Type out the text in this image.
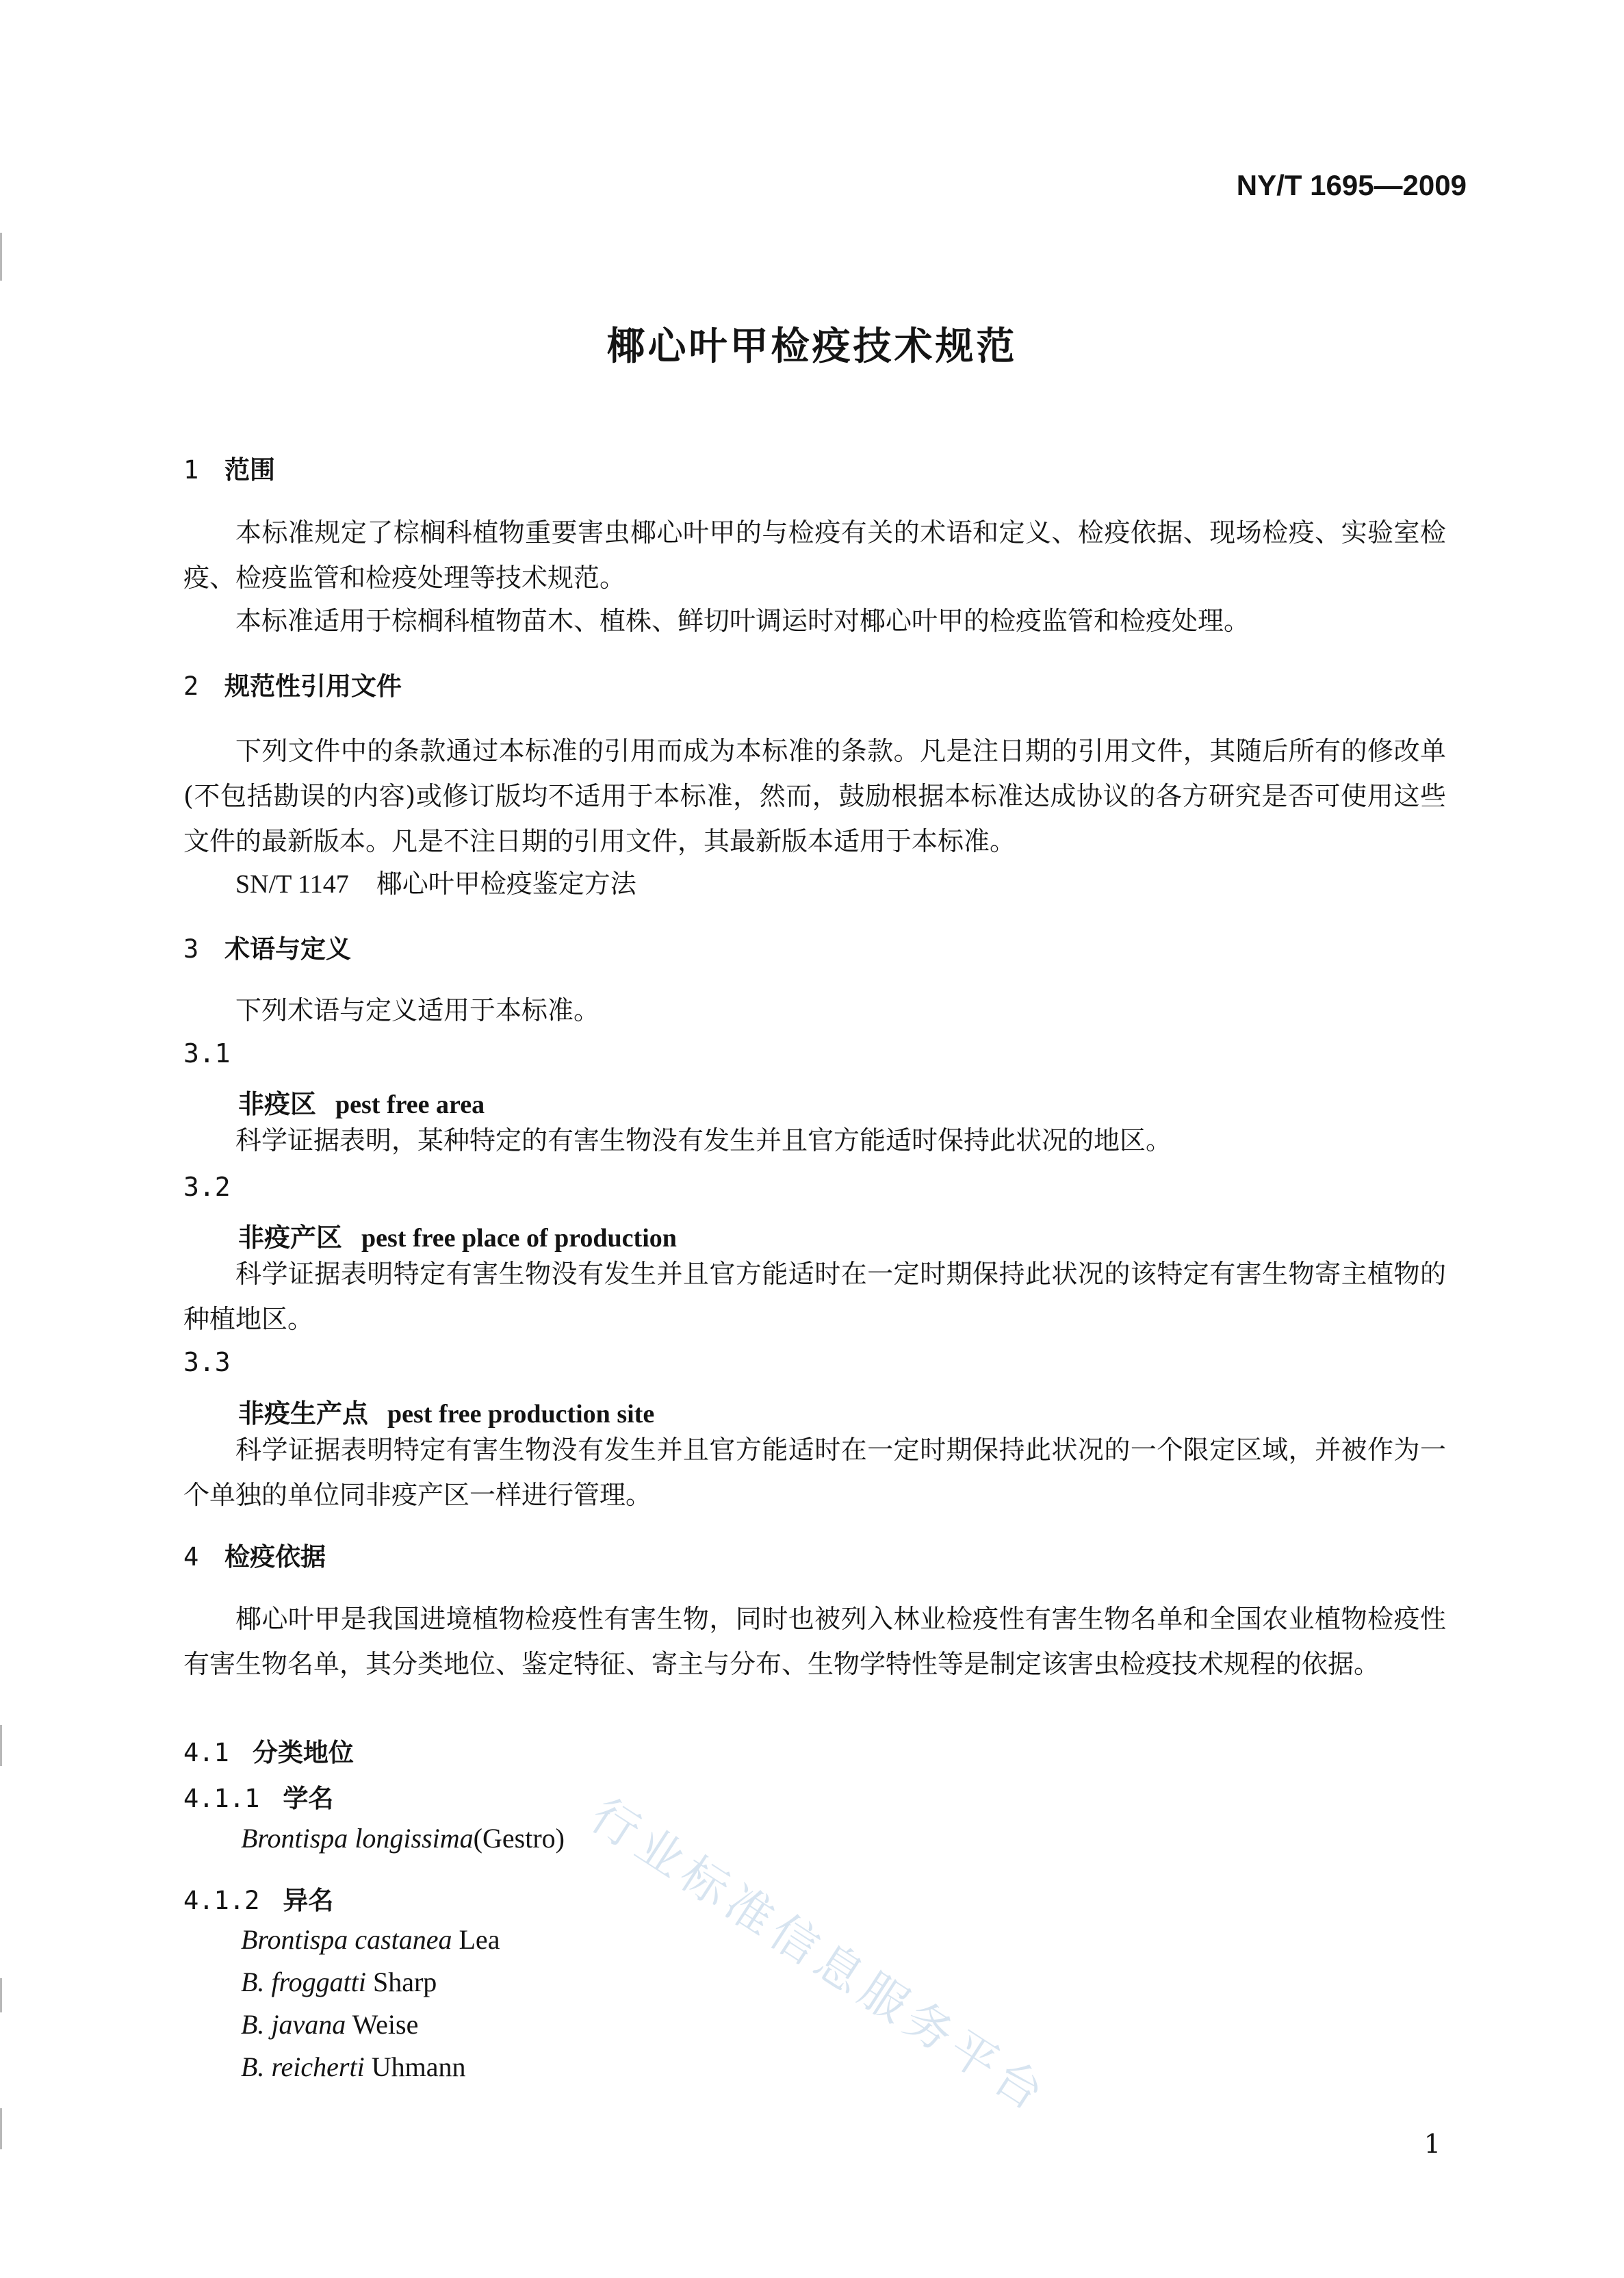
NY/T 1695—2009
椰心叶甲检疫技术规范
1 范围
本标准规定了棕榈科植物重要害虫椰心叶甲的与检疫有关的术语和定义、检疫依据、现场检疫、实验室检疫、检疫监管和检疫处理等技术规范。
本标准适用于棕榈科植物苗木、植株、鲜切叶调运时对椰心叶甲的检疫监管和检疫处理。
2 规范性引用文件
下列文件中的条款通过本标准的引用而成为本标准的条款。凡是注日期的引用文件，其随后所有的修改单(不包括勘误的内容)或修订版均不适用于本标准，然而，鼓励根据本标准达成协议的各方研究是否可使用这些文件的最新版本。凡是不注日期的引用文件，其最新版本适用于本标准。
SN/T 1147 椰心叶甲检疫鉴定方法
3 术语与定义
下列术语与定义适用于本标准。
3.1
非疫区 pest free area
科学证据表明，某种特定的有害生物没有发生并且官方能适时保持此状况的地区。
3.2
非疫产区 pest free place of production
科学证据表明特定有害生物没有发生并且官方能适时在一定时期保持此状况的该特定有害生物寄主植物的种植地区。
3.3
非疫生产点 pest free production site
科学证据表明特定有害生物没有发生并且官方能适时在一定时期保持此状况的一个限定区域，并被作为一个单独的单位同非疫产区一样进行管理。
4 检疫依据
椰心叶甲是我国进境植物检疫性有害生物，同时也被列入林业检疫性有害生物名单和全国农业植物检疫性有害生物名单，其分类地位、鉴定特征、寄主与分布、生物学特性等是制定该害虫检疫技术规程的依据。
4.1 分类地位
4.1.1 学名
Brontispa longissima(Gestro)
4.1.2 异名
Brontispa castanea Lea
B. froggatti Sharp
B. javana Weise
B. reicherti Uhmann 行业标准信息服务平台
1
